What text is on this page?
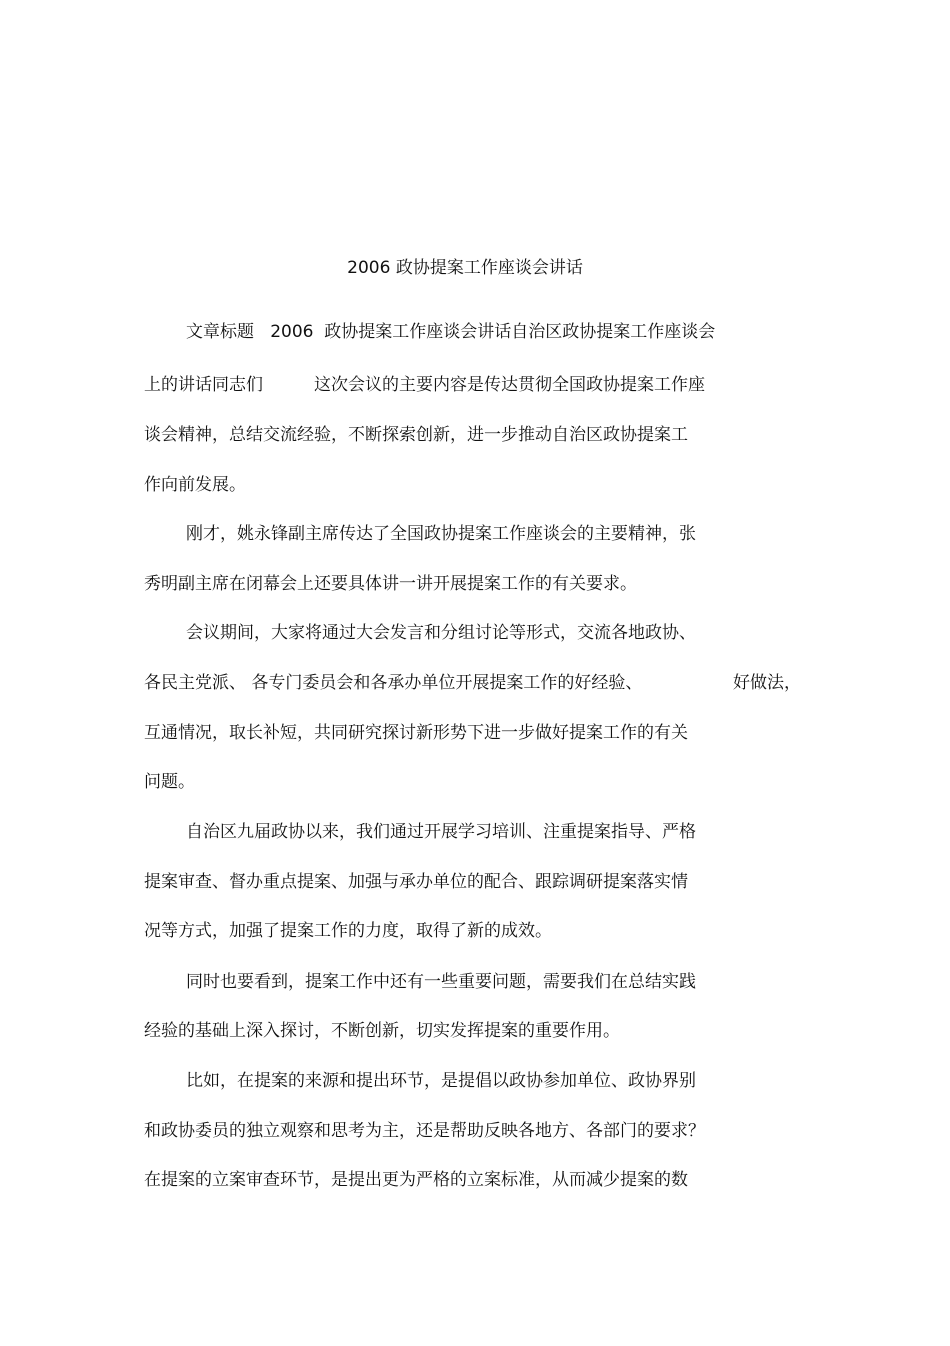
2006 政协提案工作座谈会讲话
文章标题   2006  政协提案工作座谈会讲话自治区政协提案工作座谈会
上的讲话同志们	这次会议的主要内容是传达贯彻全国政协提案工作座
谈会精神，总结交流经验，不断探索创新，进一步推动自治区政协提案工
作向前发展。
刚才，姚永锋副主席传达了全国政协提案工作座谈会的主要精神，张
秀明副主席在闭幕会上还要具体讲一讲开展提案工作的有关要求。
会议期间，大家将通过大会发言和分组讨论等形式，交流各地政协、
各民主党派、 各专门委员会和各承办单位开展提案工作的好经验、	好做法，
互通情况，取长补短，共同研究探讨新形势下进一步做好提案工作的有关
问题。
自治区九届政协以来，我们通过开展学习培训、注重提案指导、严格
提案审查、督办重点提案、加强与承办单位的配合、跟踪调研提案落实情
况等方式，加强了提案工作的力度，取得了新的成效。
同时也要看到，提案工作中还有一些重要问题，需要我们在总结实践
经验的基础上深入探讨，不断创新，切实发挥提案的重要作用。
比如，在提案的来源和提出环节，是提倡以政协参加单位、政协界别
和政协委员的独立观察和思考为主，还是帮助反映各地方、各部门的要求？
在提案的立案审查环节，是提出更为严格的立案标准，从而减少提案的数
